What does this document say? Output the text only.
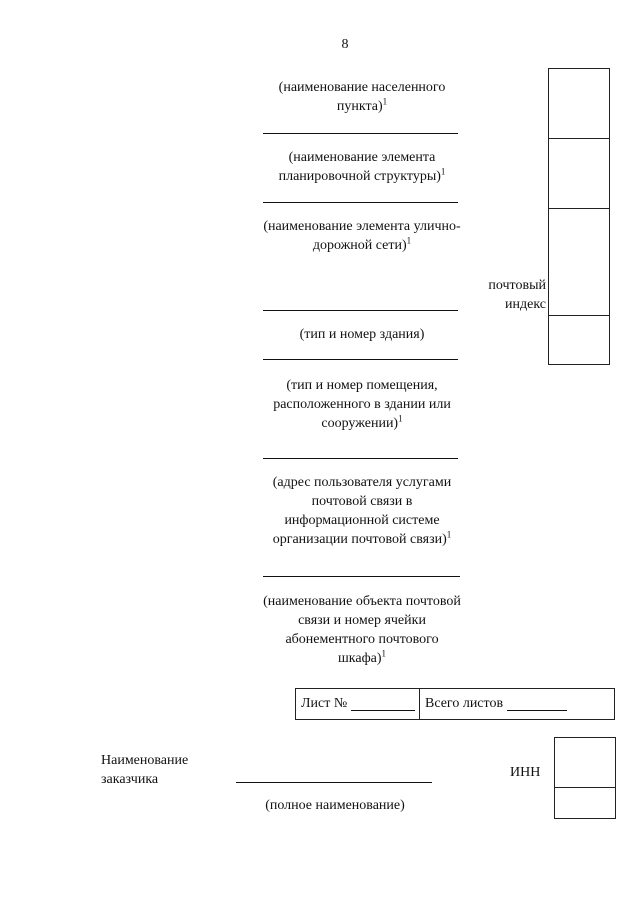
8
(наименование населенного пункта)$^1$
(наименование элемента планировочной структуры)$^1$
(наименование элемента улично-дорожной сети)$^1$
(тип и номер здания)
(тип и номер помещения, расположенного в здании или сооружении)$^1$
(адрес пользователя услугами почтовой связи в информационной системе организации почтовой связи)$^1$
(наименование объекта почтовой связи и номер ячейки абонементного почтового шкафа)$^1$
почтовый
индекс
Лист №	Всего листов
Наименование
заказчика
(полное наименование)
ИНН
